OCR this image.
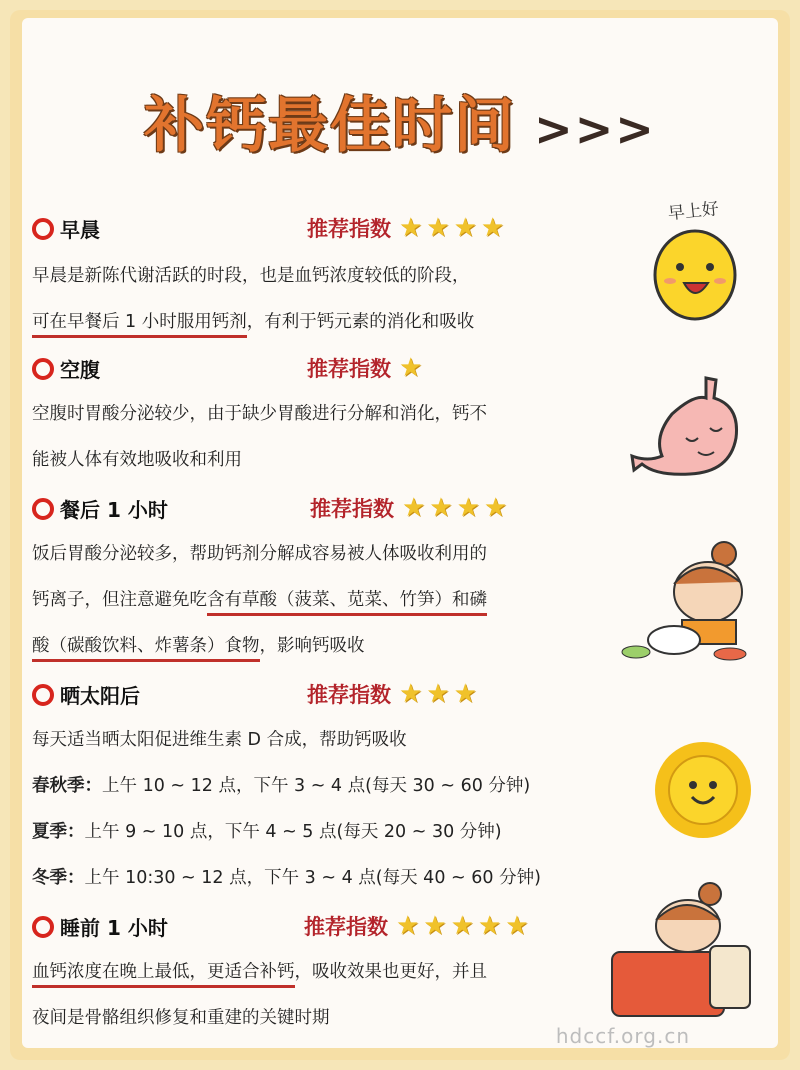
补钙最佳时间 >>>
早晨	推荐指数 ★★★★
早晨是新陈代谢活跃的时段，也是血钙浓度较低的阶段，
可在早餐后 1 小时服用钙剂，有利于钙元素的消化和吸收
空腹	推荐指数 ★
空腹时胃酸分泌较少，由于缺少胃酸进行分解和消化，钙不
能被人体有效地吸收和利用
餐后 1 小时	推荐指数 ★★★★
饭后胃酸分泌较多，帮助钙剂分解成容易被人体吸收利用的
钙离子，但注意避免吃含有草酸（菠菜、苋菜、竹笋）和磷
酸（碳酸饮料、炸薯条）食物，影响钙吸收
晒太阳后	推荐指数 ★★★
每天适当晒太阳促进维生素 D 合成，帮助钙吸收
春秋季：上午 10 ~ 12 点，下午 3 ~ 4 点(每天 30 ~ 60 分钟)
夏季：上午 9 ~ 10 点，下午 4 ~ 5 点(每天 20 ~ 30 分钟)
冬季：上午 10:30 ~ 12 点，下午 3 ~ 4 点(每天 40 ~ 60 分钟)
睡前 1 小时	推荐指数 ★★★★★
血钙浓度在晚上最低，更适合补钙，吸收效果也更好，并且
夜间是骨骼组织修复和重建的关键时期
早上好
hdccf.org.cn
